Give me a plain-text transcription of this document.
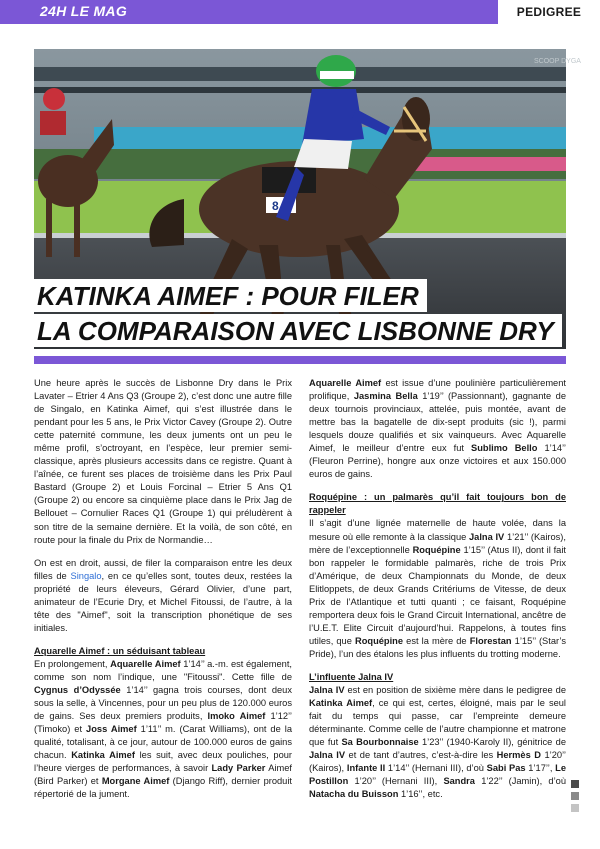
24H LE MAG	PEDIGREE
8
SCOOP DYGA
KATINKA AIMEF : POUR FILER
LA COMPARAISON AVEC LISBONNE DRY

Une heure après le succès de Lisbonne Dry dans le Prix Lavater – Etrier 4 Ans Q3 (Groupe 2), c’est donc une autre fille de Singalo, en Katinka Aimef, qui s’est illustrée dans le pendant pour les 5 ans, le Prix Victor Cavey (Groupe 2). Outre cette paternité commune, les deux juments ont un peu le même profil, s’octroyant, en l’espèce, leur premier semi-classique, après plusieurs accessits dans ce registre. Quant à l’aînée, ce furent ses places de troisième dans les Prix Paul Bastard (Groupe 2) et Louis Forcinal – Etrier 5 Ans Q1 (Groupe 2) ou encore sa cinquième place dans le Prix Jag de Bellouet – Cornulier Races Q1 (Groupe 1) qui préludèrent à son titre de la semaine dernière. Et la voilà, de son côté, en route pour la finale du Prix de Normandie…

On est en droit, aussi, de filer la comparaison entre les deux filles de Singalo, en ce qu’elles sont, toutes deux, restées la propriété de leurs éleveurs, Gérard Olivier, d’une part, animateur de l’Ecurie Dry, et Michel Fitoussi, de l’autre, à la tête des "Aimef", soit la transcription phonétique de ses initiales.

Aquarelle Aimef : un séduisant tableau

En prolongement, Aquarelle Aimef 1’14’’ a.-m. est également, comme son nom l’indique, une "Fitoussi". Cette fille de Cygnus d’Odyssée 1’14’’ gagna trois courses, dont deux sous la selle, à Vincennes, pour un peu plus de 120.000 euros de gains. Ses deux premiers produits, Imoko Aimef 1’12’’ (Timoko) et Joss Aimef 1’11’’ m. (Carat Williams), ont de la qualité, totalisant, à ce jour, autour de 100.000 euros de gains chacun. Katinka Aimef les suit, avec deux pouliches, pour l’heure vierges de performances, à savoir Lady Parker Aimef (Bird Parker) et Morgane Aimef (Django Riff), dernier produit répertorié de la jument.

Aquarelle Aimef est issue d’une poulinière particulièrement prolifique, Jasmina Bella 1’19’’ (Passionnant), gagnante de deux tournois provinciaux, attelée, puis montée, avant de mettre bas la bagatelle de dix-sept produits (sic !), parmi lesquels douze qualifiés et six vainqueurs. Avec Aquarelle Aimef, le meilleur d’entre eux fut Sublimo Bello 1’14’’ (Fleuron Perrine), hongre aux onze victoires et aux 150.000 euros de gains.

Roquépine : un palmarès qu’il fait toujours bon de rappeler

Il s’agit d’une lignée maternelle de haute volée, dans la mesure où elle remonte à la classique Jalna IV 1’21’’ (Kairos), mère de l’exceptionnelle Roquépine 1’15’’ (Atus II), dont il fait bon rappeler le formidable palmarès, riche de trois Prix d’Amérique, de deux Championnats du Monde, de deux Elitloppets, de deux Grands Critériums de Vitesse, de deux Prix de l’Atlantique et tutti quanti ; ce faisant, Roquépine remportera deux fois le Grand Circuit International, ancêtre de l’U.E.T. Elite Circuit d’aujourd’hui. Rappelons, à toutes fins utiles, que Roquépine est la mère de Florestan 1’15’’ (Star’s Pride), l’un des étalons les plus influents du trotting moderne.

L’influente Jalna IV

Jalna IV est en position de sixième mère dans le pedigree de Katinka Aimef, ce qui est, certes, éloigné, mais par le seul fait du temps qui passe, car l’empreinte demeure déterminante. Comme celle de l’autre championne et matrone que fut Sa Bourbonnaise 1’23’’ (1940-Karoly II), génitrice de Jalna IV et de tant d’autres, c’est-à-dire les Hermès D 1’20’’ (Kairos), Infante II 1’14’’ (Hernani III), d’où Sabi Pas 1’17’’, Le Postillon 1’20’’ (Hernani III), Sandra 1’22’’ (Jamin), d’où Natacha du Buisson 1’16’’, etc.
